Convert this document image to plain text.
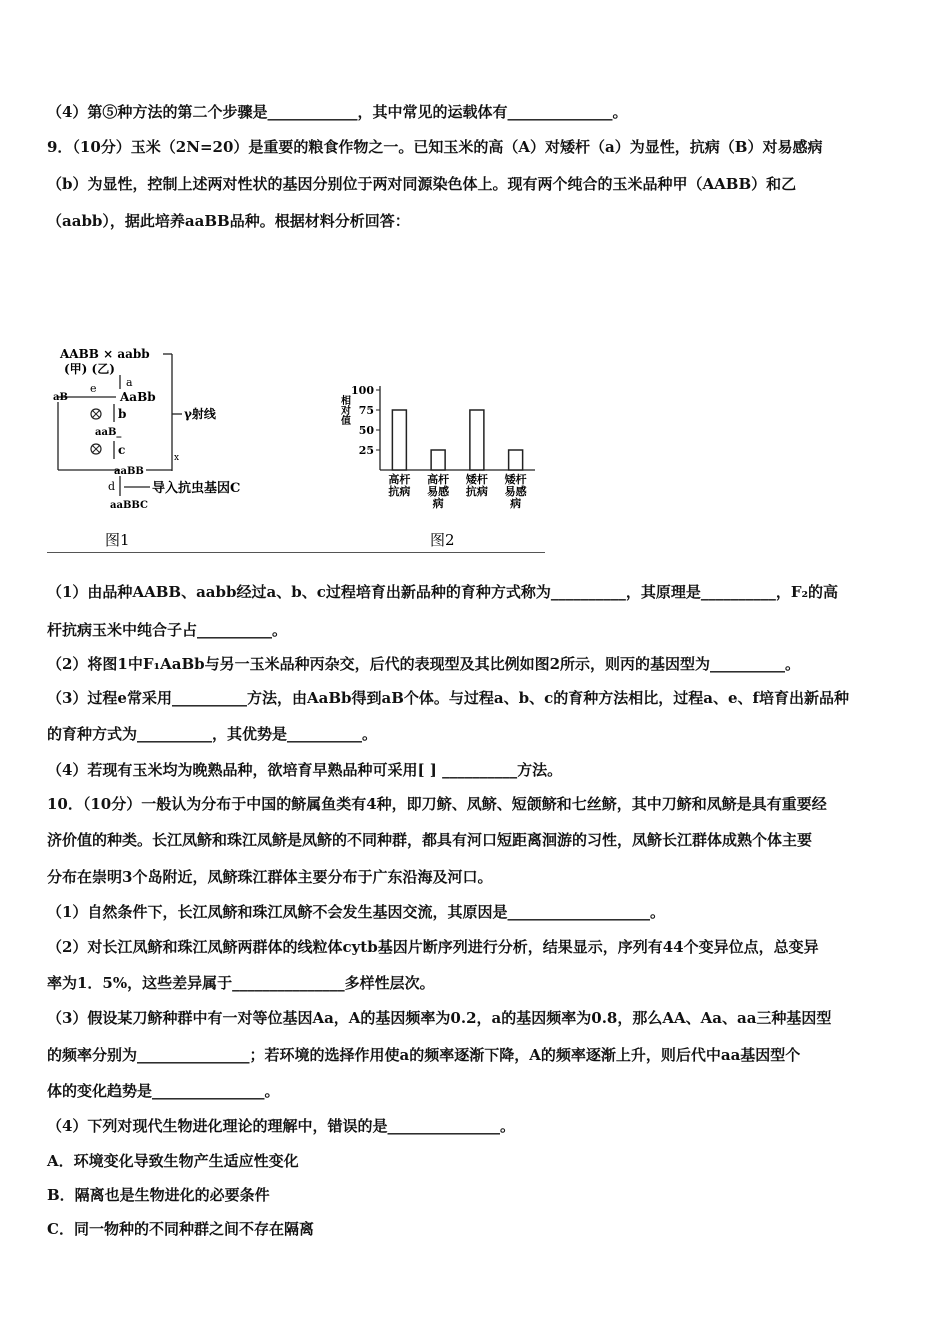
（4）第⑤种方法的第二个步骤是____________，其中常见的运载体有______________。
9．（10分）玉米（2N=20）是重要的粮食作物之一。已知玉米的高（A）对矮杆（a）为显性，抗病（B）对易感病
（b）为显性，控制上述两对性状的基因分别位于两对同源染色体上。现有两个纯合的玉米品种甲（AABB）和乙
（aabb），据此培养aaBB品种。根据材料分析回答：
AABB × aabb
(甲) (乙)
a
AaBb
e
aB
b
aaB_
c
aaBB
γ射线
x
d	导入抗虫基因C
aaBBC
图1
相对值
25
50
75
100
高杆
抗病
高杆
易感
病
矮杆
抗病
矮杆
易感
病
图2
（1）由品种AABB、aabb经过a、b、c过程培育出新品种的育种方式称为__________，其原理是__________，F₂的高
杆抗病玉米中纯合子占__________。
（2）将图1中F₁AaBb与另一玉米品种丙杂交，后代的表现型及其比例如图2所示，则丙的基因型为__________。
（3）过程e常采用__________方法，由AaBb得到aB个体。与过程a、b、c的育种方法相比，过程a、e、f培育出新品种
的育种方式为__________，其优势是__________。
（4）若现有玉米均为晚熟品种，欲培育早熟品种可采用[ ] __________方法。
10．（10分）一般认为分布于中国的鲚属鱼类有4种，即刀鲚、凤鲚、短颌鲚和七丝鲚，其中刀鲚和凤鲚是具有重要经
济价值的种类。长江凤鲚和珠江凤鲚是凤鲚的不同种群，都具有河口短距离洄游的习性，凤鲚长江群体成熟个体主要
分布在崇明3个岛附近，凤鲚珠江群体主要分布于广东沿海及河口。
（1）自然条件下，长江凤鲚和珠江凤鲚不会发生基因交流，其原因是___________________。
（2）对长江凤鲚和珠江凤鲚两群体的线粒体cytb基因片断序列进行分析，结果显示，序列有44个变异位点，总变异
率为1．5%，这些差异属于_______________多样性层次。
（3）假设某刀鲚种群中有一对等位基因Aa，A的基因频率为0.2，a的基因频率为0.8，那么AA、Aa、aa三种基因型
的频率分别为_______________；若环境的选择作用使a的频率逐渐下降，A的频率逐渐上升，则后代中aa基因型个
体的变化趋势是_______________。
（4）下列对现代生物进化理论的理解中，错误的是_______________。
A．环境变化导致生物产生适应性变化
B．隔离也是生物进化的必要条件
C．同一物种的不同种群之间不存在隔离
